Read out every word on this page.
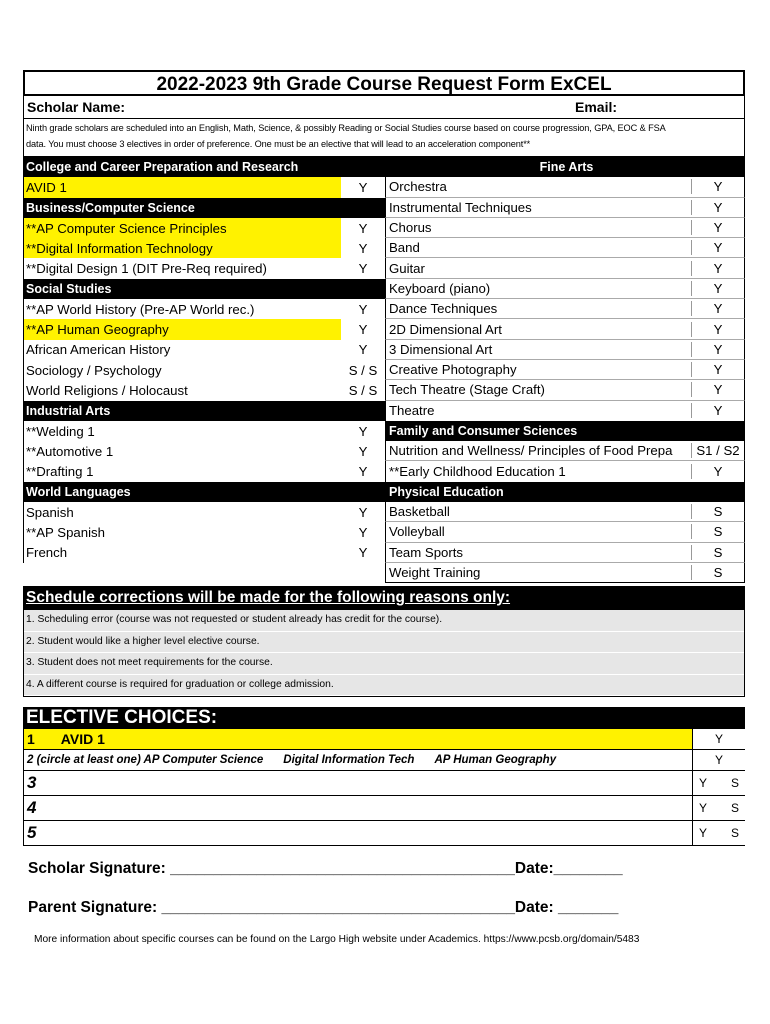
2022-2023 9th Grade Course Request Form ExCEL
Scholar Name:	Email:
Ninth grade scholars are scheduled into an English, Math, Science, & possibly Reading or Social Studies course based on course progression, GPA, EOC & FSA
data. You must choose 3 electives in order of preference. One must be an elective that will lead to an acceleration component**
College and Career Preparation and Research
AVID 1	Y
Business/Computer Science
**AP Computer Science Principles	Y
**Digital Information Technology	Y
**Digital Design 1 (DIT Pre-Req required)	Y
Social Studies
**AP World History (Pre-AP World rec.)	Y
**AP Human Geography	Y
African American History	Y
Sociology / Psychology	S / S
World Religions / Holocaust	S / S
Industrial Arts
**Welding 1	Y
**Automotive 1	Y
**Drafting 1	Y
World Languages
Spanish	Y
**AP Spanish	Y
French	Y
Fine Arts
Orchestra	Y
Instrumental Techniques	Y
Chorus	Y
Band	Y
Guitar	Y
Keyboard (piano)	Y
Dance Techniques	Y
2D Dimensional Art	Y
3 Dimensional Art	Y
Creative Photography	Y
Tech Theatre (Stage Craft)	Y
Theatre	Y
Family and Consumer Sciences
Nutrition and Wellness/ Principles of Food Prepa	S1 / S2
**Early Childhood Education 1	Y
Physical Education
Basketball	S
Volleyball	S
Team Sports	S
Weight Training	S
Schedule corrections will be made for the following reasons only:
1. Scheduling error (course was not requested or student already has credit for the course).
2. Student would like a higher level elective course.
3. Student does not meet requirements for the course.
4. A different course is required for graduation or college admission.
ELECTIVE CHOICES:
1 AVID 1	Y
2 (circle at least one) AP Computer Science Digital Information Tech AP Human Geography	Y
3	Y S
4	Y S
5	Y S
Scholar Signature: ________________________________________Date:________
Parent Signature: _________________________________________Date: _______
More information about specific courses can be found on the Largo High website under Academics. https://www.pcsb.org/domain/5483
